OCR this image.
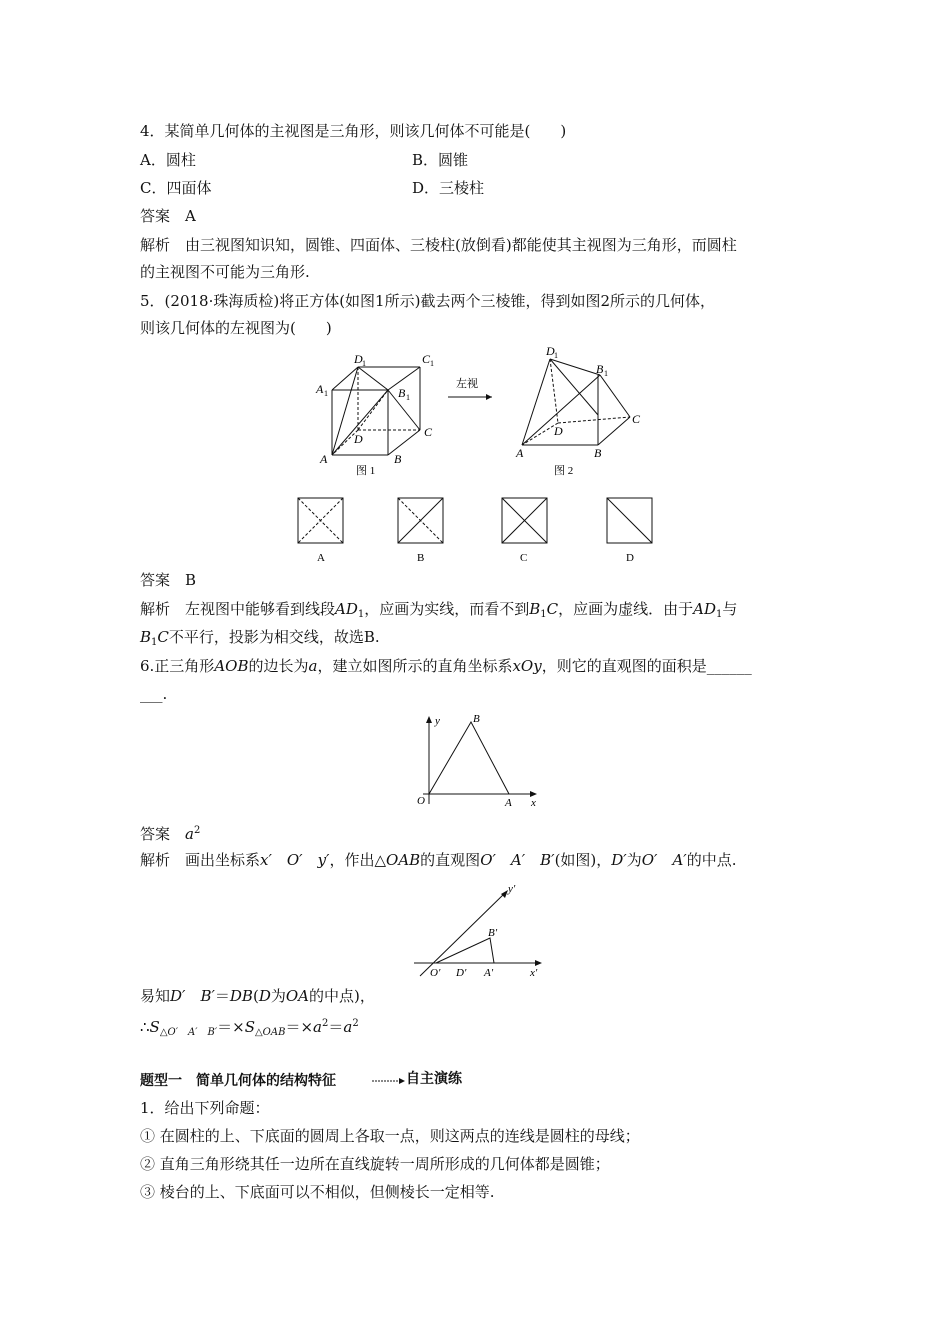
4．某简单几何体的主视图是三角形，则该几何体不可能是(　　)
A．圆柱	B．圆锥
C．四面体	D．三棱柱
答案　A
解析　由三视图知识知，圆锥、四面体、三棱柱(放倒看)都能使其主视图为三角形，而圆柱
的主视图不可能为三角形.
5．(2018·珠海质检)将正方体(如图1所示)截去两个三棱锥，得到如图2所示的几何体，
则该几何体的左视图为(　　)
D 1	C 1
A 1	B 1
D	C
A	B
图 1
左视
D 1
B 1
C
D
A	B
图 2
A	B	C	D
答案　B
解析　左视图中能够看到线段$AD_1$，应画为实线，而看不到$B_1C$，应画为虚线．由于$AD_1$与
$B_1C$不平行，投影为相交线，故选B.
6.正三角形AOB的边长为a，建立如图所示的直角坐标系xOy，则它的直观图的面积是______
___.
y	B
O	A x
答案　 $a^2$
解析　画出坐标系x′　O′　y′，作出△OAB的直观图O′　A′　B′(如图)，D′为O′　A′的中点.
y′
B′
O′ D′ A′	x′
易知D′　B′＝DB(D为OA的中点)，
$\therefore S_{\triangle O' A' B'}=\times S_{\triangle OAB}=\times a^2=a^2$
题型一　简单几何体的结构特征	自主演练
1．给出下列命题：
① 在圆柱的上、下底面的圆周上各取一点，则这两点的连线是圆柱的母线；
② 直角三角形绕其任一边所在直线旋转一周所形成的几何体都是圆锥；
③ 棱台的上、下底面可以不相似，但侧棱长一定相等.
